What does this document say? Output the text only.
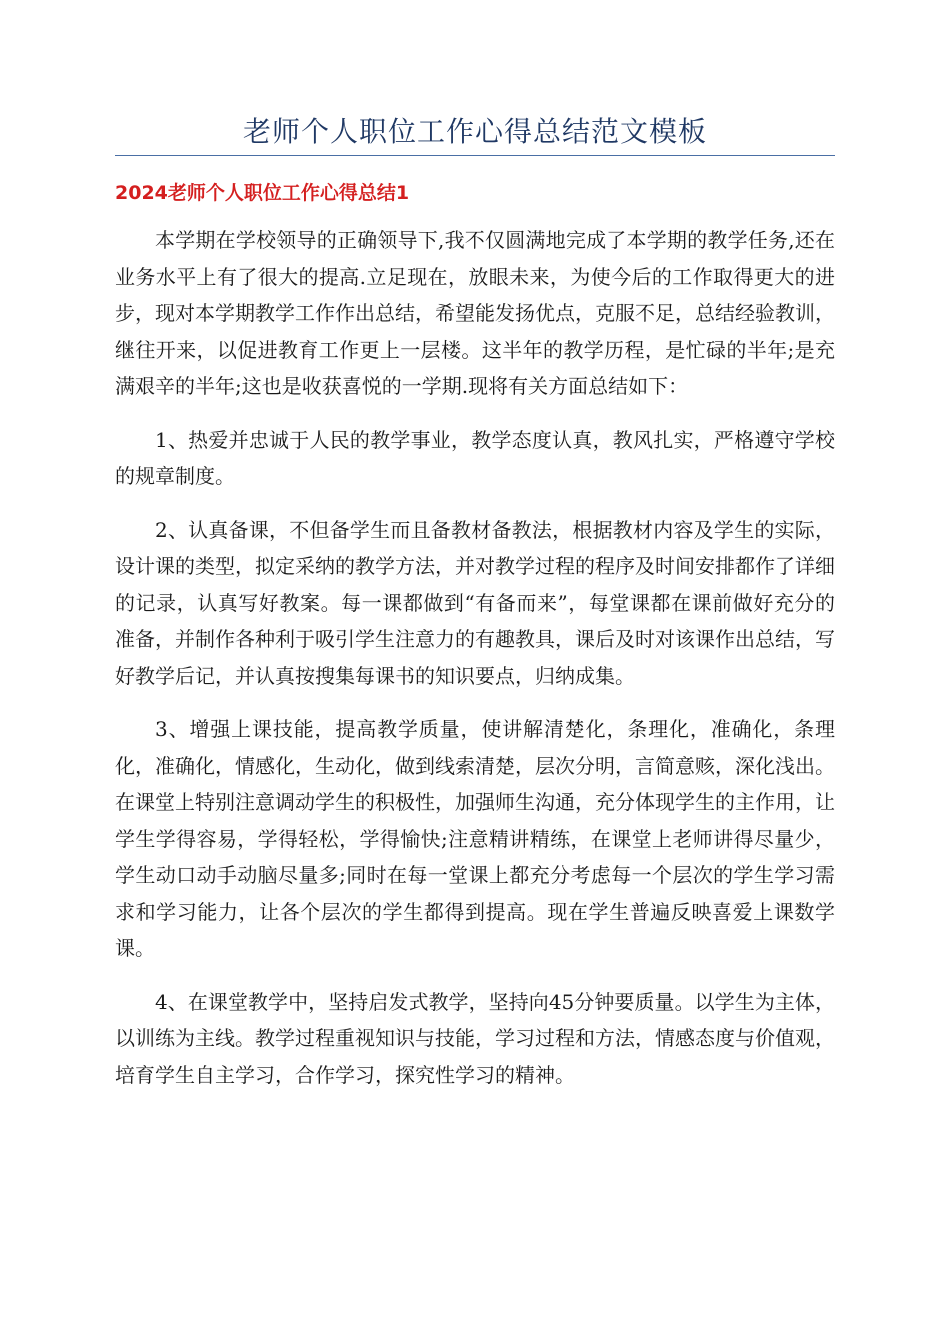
老师个人职位工作心得总结范文模板
2024老师个人职位工作心得总结1

本学期在学校领导的正确领导下,我不仅圆满地完成了本学期的教学任务,还在业务水平上有了很大的提高.立足现在，放眼未来，为使今后的工作取得更大的进步，现对本学期教学工作作出总结，希望能发扬优点，克服不足，总结经验教训，继往开来，以促进教育工作更上一层楼。这半年的教学历程，是忙碌的半年;是充满艰辛的半年;这也是收获喜悦的一学期.现将有关方面总结如下：

1、热爱并忠诚于人民的教学事业，教学态度认真，教风扎实，严格遵守学校的规章制度。

2、认真备课，不但备学生而且备教材备教法，根据教材内容及学生的实际，设计课的类型，拟定采纳的教学方法，并对教学过程的程序及时间安排都作了详细的记录，认真写好教案。每一课都做到“有备而来”，每堂课都在课前做好充分的准备，并制作各种利于吸引学生注意力的有趣教具，课后及时对该课作出总结，写好教学后记，并认真按搜集每课书的知识要点，归纳成集。

3、增强上课技能，提高教学质量，使讲解清楚化，条理化，准确化，条理化，准确化，情感化，生动化，做到线索清楚，层次分明，言简意赅，深化浅出。在课堂上特别注意调动学生的积极性，加强师生沟通，充分体现学生的主作用，让学生学得容易，学得轻松，学得愉快;注意精讲精练，在课堂上老师讲得尽量少，学生动口动手动脑尽量多;同时在每一堂课上都充分考虑每一个层次的学生学习需求和学习能力，让各个层次的学生都得到提高。现在学生普遍反映喜爱上课数学课。

4、在课堂教学中，坚持启发式教学，坚持向45分钟要质量。以学生为主体，以训练为主线。教学过程重视知识与技能，学习过程和方法，情感态度与价值观，培育学生自主学习，合作学习，探究性学习的精神。
